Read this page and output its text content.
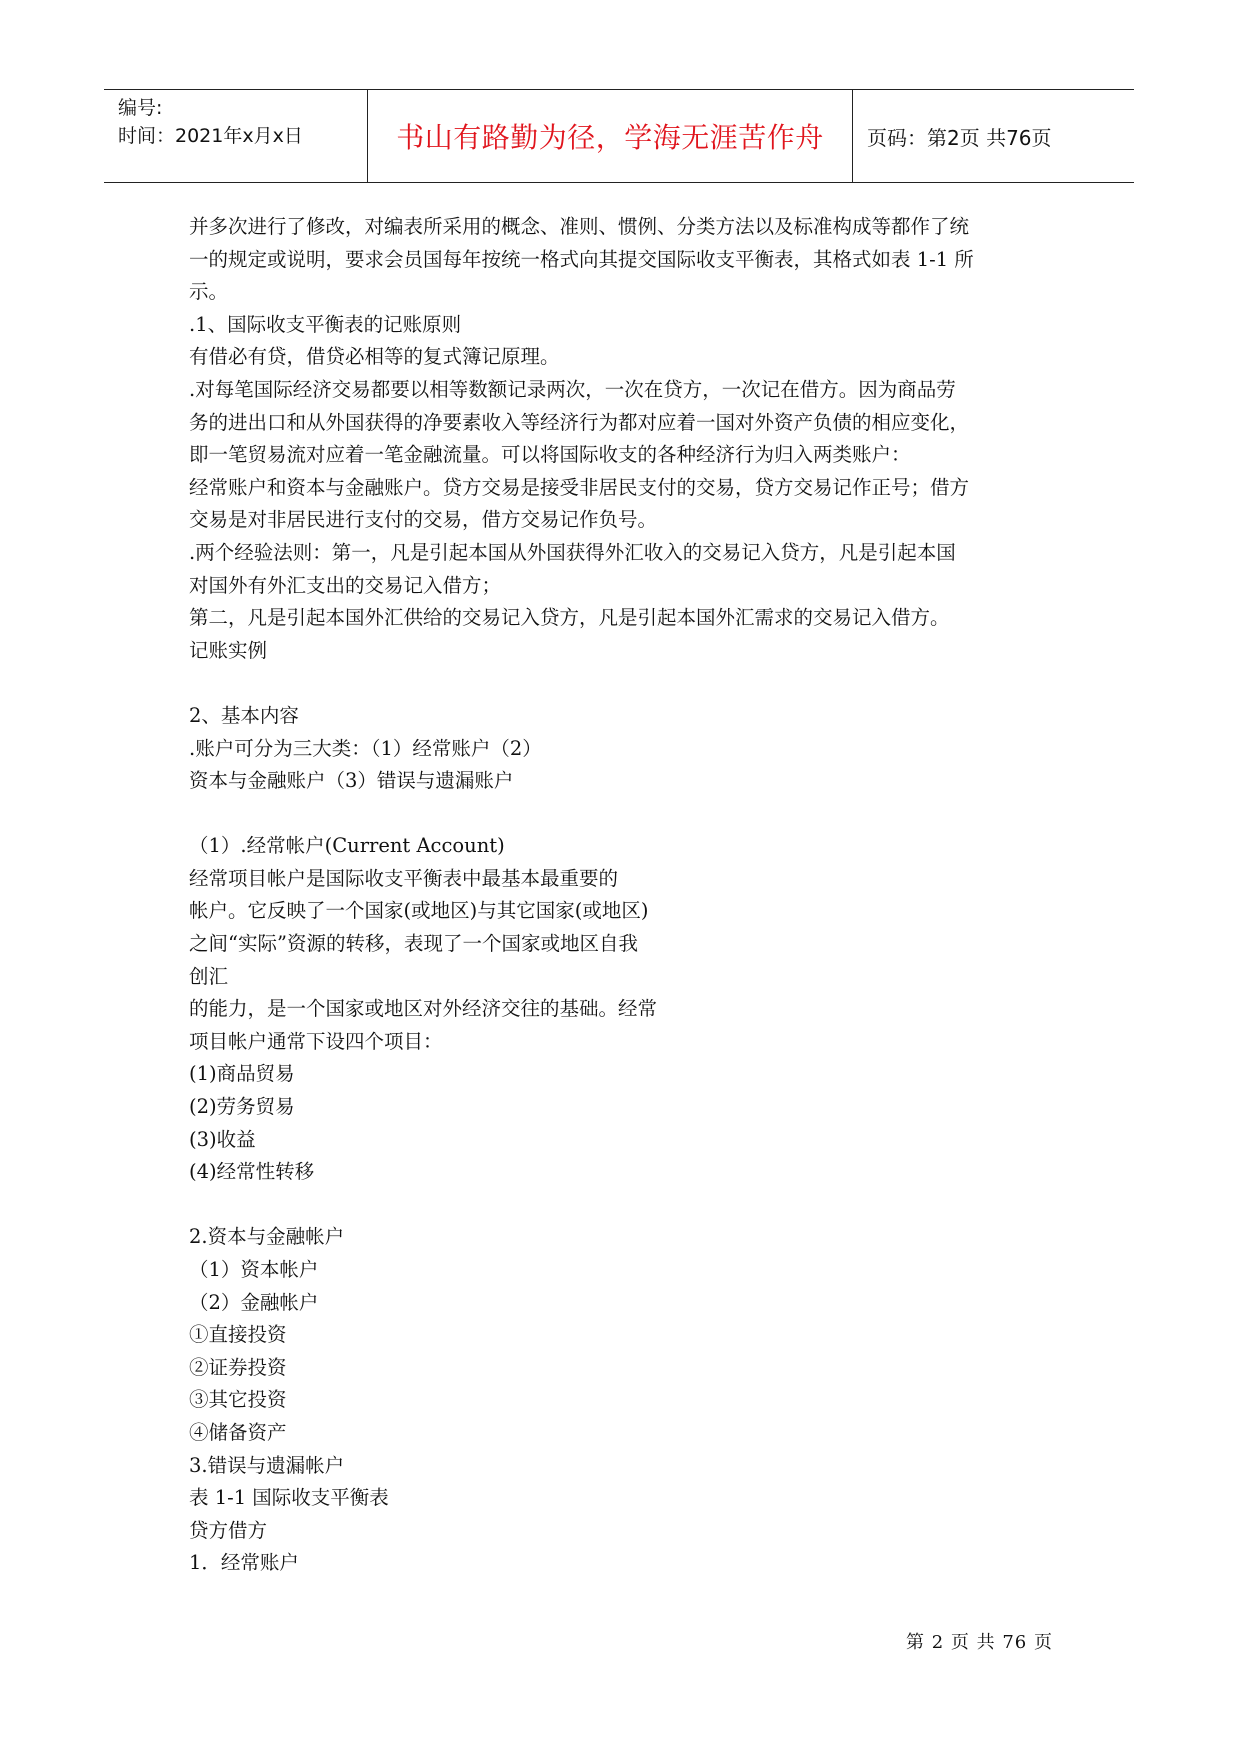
编号:
时间：2021年x月x日	书山有路勤为径，学海无涯苦作舟 页码：第2页 共76页
并多次进行了修改，对编表所采用的概念、准则、惯例、分类方法以及标准构成等都作了统
一的规定或说明，要求会员国每年按统一格式向其提交国际收支平衡表，其格式如表 1-1 所
示。
.1、国际收支平衡表的记账原则
有借必有贷，借贷必相等的复式簿记原理。
.对每笔国际经济交易都要以相等数额记录两次，一次在贷方，一次记在借方。因为商品劳
务的进出口和从外国获得的净要素收入等经济行为都对应着一国对外资产负债的相应变化，
即一笔贸易流对应着一笔金融流量。可以将国际收支的各种经济行为归入两类账户：
经常账户和资本与金融账户。贷方交易是接受非居民支付的交易，贷方交易记作正号；借方
交易是对非居民进行支付的交易，借方交易记作负号。
.两个经验法则：第一，凡是引起本国从外国获得外汇收入的交易记入贷方，凡是引起本国
对国外有外汇支出的交易记入借方；
第二，凡是引起本国外汇供给的交易记入贷方，凡是引起本国外汇需求的交易记入借方。
记账实例
2、基本内容
.账户可分为三大类：（1）经常账户（2）
资本与金融账户（3）错误与遗漏账户
（1）.经常帐户(Current Account)
经常项目帐户是国际收支平衡表中最基本最重要的
帐户。它反映了一个国家(或地区)与其它国家(或地区)
之间“实际”资源的转移，表现了一个国家或地区自我
创汇
的能力，是一个国家或地区对外经济交往的基础。经常
项目帐户通常下设四个项目：
(1)商品贸易
(2)劳务贸易
(3)收益
(4)经常性转移
2.资本与金融帐户
（1）资本帐户
（2）金融帐户
①直接投资
②证券投资
③其它投资
④储备资产
3.错误与遗漏帐户
表 1-1 国际收支平衡表
贷方借方
1．经常账户
第 2 页 共 76 页
